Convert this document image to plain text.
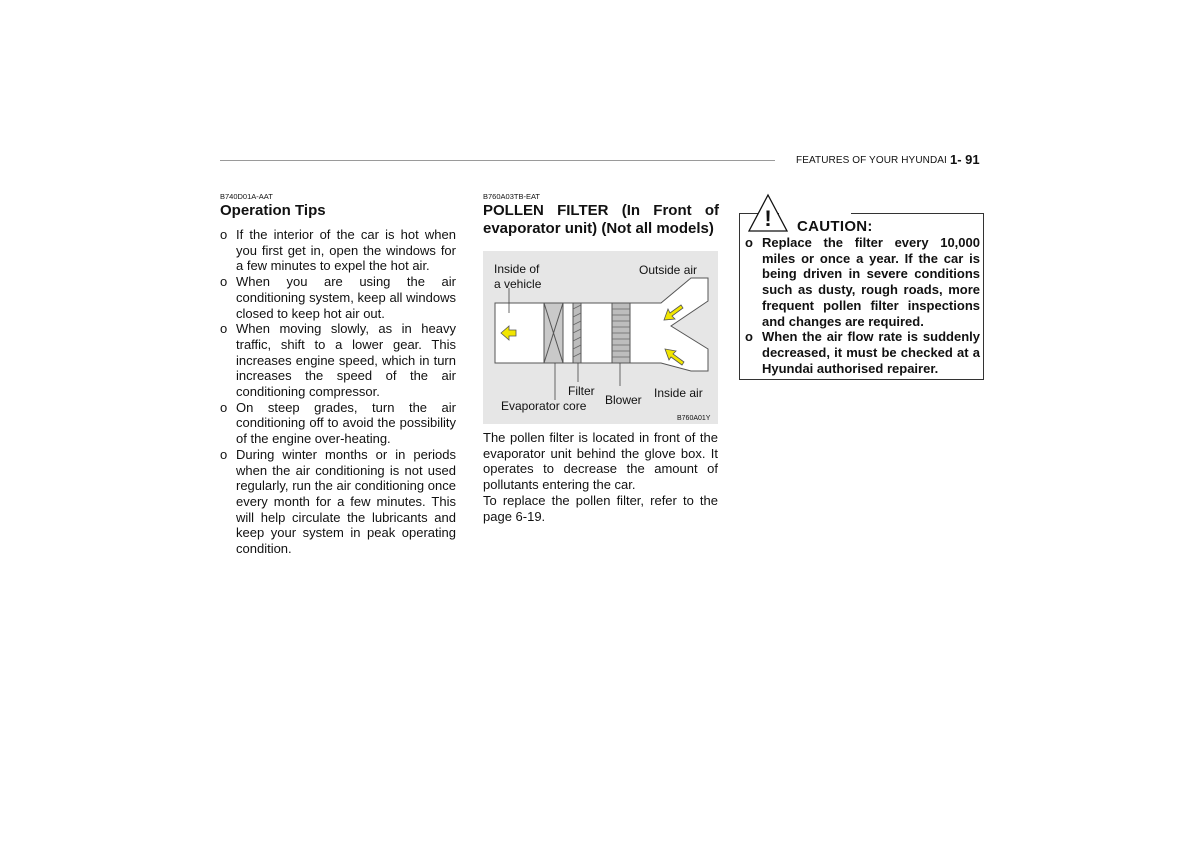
FEATURES OF YOUR HYUNDAI 1- 91
B740D01A-AAT
Operation Tips
o If the interior of the car is hot when you first get in, open the windows for a few minutes to expel the hot air.
o When you are using the air conditioning system, keep all windows closed to keep hot air out.
o When moving slowly, as in heavy traffic, shift to a lower gear. This increases engine speed, which in turn increases the speed of the air conditioning compressor.
o On steep grades, turn the air conditioning off to avoid the possibility of the engine over-heating.
o During winter months or in periods when the air conditioning is not used regularly, run the air conditioning once every month for a few minutes. This will help circulate the lubricants and keep your system in peak operating condition.
B760A03TB-EAT
POLLEN FILTER (In Front of evaporator unit) (Not all models)
Inside of
a vehicle
Outside air
Filter
Evaporator core Blower Inside air
B760A01Y

The pollen filter is located in front of the evaporator unit behind the glove box. It operates to decrease the amount of pollutants entering the car.

To replace the pollen filter, refer to the page 6-19.

! CAUTION:
o Replace the filter every 10,000 miles or once a year. If the car is being driven in severe conditions such as dusty, rough roads, more frequent pollen filter inspections and changes are required.
o When the air flow rate is suddenly decreased, it must be checked at a Hyundai authorised repairer.
